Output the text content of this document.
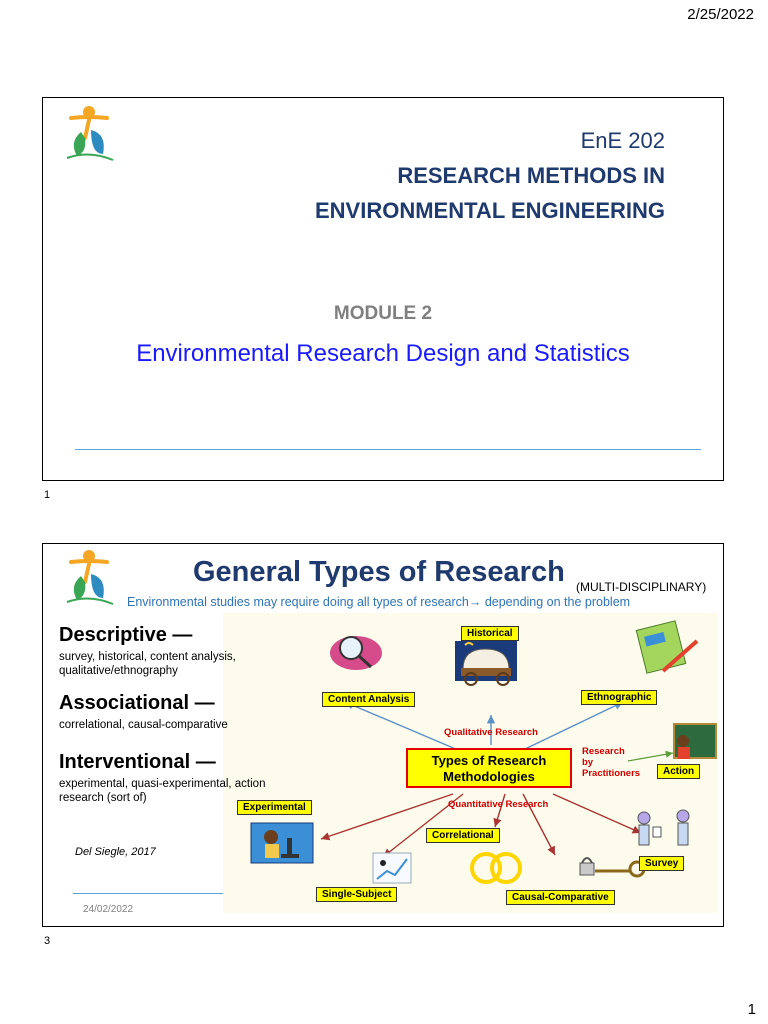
2/25/2022
EnE 202
RESEARCH METHODS IN
ENVIRONMENTAL ENGINEERING
MODULE 2
Environmental Research Design and Statistics
1
General Types of Research (MULTI-DISCIPLINARY)
Environmental studies may require doing all types of research→ depending on the problem
Descriptive —
survey, historical, content analysis, qualitative/ethnography
Associational —
correlational, causal-comparative
Interventional —
experimental, quasi-experimental, action research (sort of)
Del Siegle, 2017
24/02/2022
Historical
Content Analysis	Ethnographic
Action
Experimental
Correlational
Survey
Single-Subject	Causal-Comparative
Qualitative Research
Quantitative Research
Research
by
Practitioners
Types of Research
Methodologies
3
1
